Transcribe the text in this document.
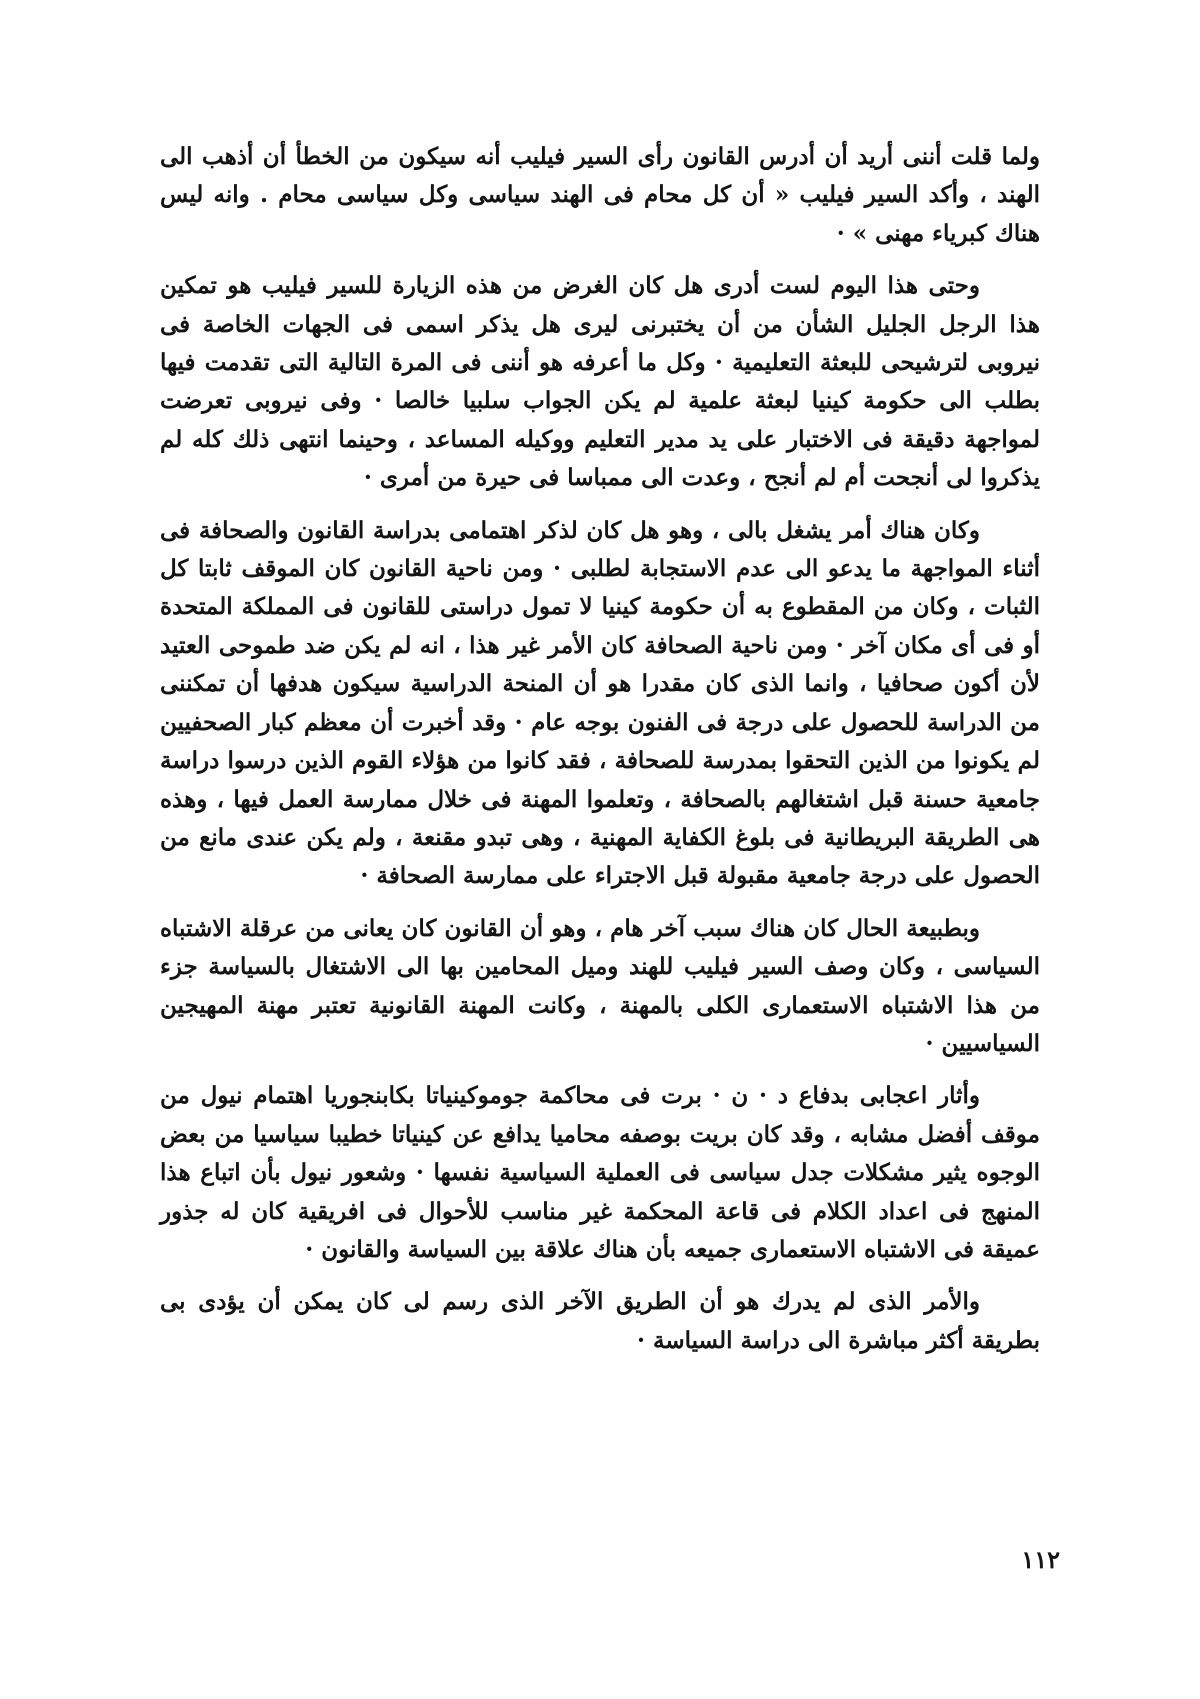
ولما قلت أننى أريد أن أدرس القانون رأى السير فيليب أنه سيكون من الخطأ أن أذهب الى الهند ، وأكد السير فيليب « أن كل محام فى الهند سياسى وكل سياسى محام . وانه ليس هناك كبرياء مهنى » ·

وحتى هذا اليوم لست أدرى هل كان الغرض من هذه الزيارة للسير فيليب هو تمكين هذا الرجل الجليل الشأن من أن يختبرنى ليرى هل يذكر اسمى فى الجهات الخاصة فى نيروبى لترشيحى للبعثة التعليمية · وكل ما أعرفه هو أننى فى المرة التالية التى تقدمت فيها بطلب الى حكومة كينيا لبعثة علمية لم يكن الجواب سلبيا خالصا · وفى نيروبى تعرضت لمواجهة دقيقة فى الاختبار على يد مدير التعليم ووكيله المساعد ، وحينما انتهى ذلك كله لم يذكروا لى أنجحت أم لم أنجح ، وعدت الى ممباسا فى حيرة من أمرى ·

وكان هناك أمر يشغل بالى ، وهو هل كان لذكر اهتمامى بدراسة القانون والصحافة فى أثناء المواجهة ما يدعو الى عدم الاستجابة لطلبى · ومن ناحية القانون كان الموقف ثابتا كل الثبات ، وكان من المقطوع به أن حكومة كينيا لا تمول دراستى للقانون فى المملكة المتحدة أو فى أى مكان آخر · ومن ناحية الصحافة كان الأمر غير هذا ، انه لم يكن ضد طموحى العتيد لأن أكون صحافيا ، وانما الذى كان مقدرا هو أن المنحة الدراسية سيكون هدفها أن تمكننى من الدراسة للحصول على درجة فى الفنون بوجه عام · وقد أخبرت أن معظم كبار الصحفيين لم يكونوا من الذين التحقوا بمدرسة للصحافة ، فقد كانوا من هؤلاء القوم الذين درسوا دراسة جامعية حسنة قبل اشتغالهم بالصحافة ، وتعلموا المهنة فى خلال ممارسة العمل فيها ، وهذه هى الطريقة البريطانية فى بلوغ الكفاية المهنية ، وهى تبدو مقنعة ، ولم يكن عندى مانع من الحصول على درجة جامعية مقبولة قبل الاجتراء على ممارسة الصحافة ·

وبطبيعة الحال كان هناك سبب آخر هام ، وهو أن القانون كان يعانى من عرقلة الاشتباه السياسى ، وكان وصف السير فيليب للهند وميل المحامين بها الى الاشتغال بالسياسة جزء من هذا الاشتباه الاستعمارى الكلى بالمهنة ، وكانت المهنة القانونية تعتبر مهنة المهيجين السياسيين ·

وأثار اعجابى بدفاع د · ن · برت فى محاكمة جوموكينياتا بكابنجوريا اهتمام نيول من موقف أفضل مشابه ، وقد كان بريت بوصفه محاميا يدافع عن كينياتا خطيبا سياسيا من بعض الوجوه يثير مشكلات جدل سياسى فى العملية السياسية نفسها · وشعور نيول بأن اتباع هذا المنهج فى اعداد الكلام فى قاعة المحكمة غير مناسب للأحوال فى افريقية كان له جذور عميقة فى الاشتباه الاستعمارى جميعه بأن هناك علاقة بين السياسة والقانون ·

والأمر الذى لم يدرك هو أن الطريق الآخر الذى رسم لى كان يمكن أن يؤدى بى بطريقة أكثر مباشرة الى دراسة السياسة ·

١١٢
